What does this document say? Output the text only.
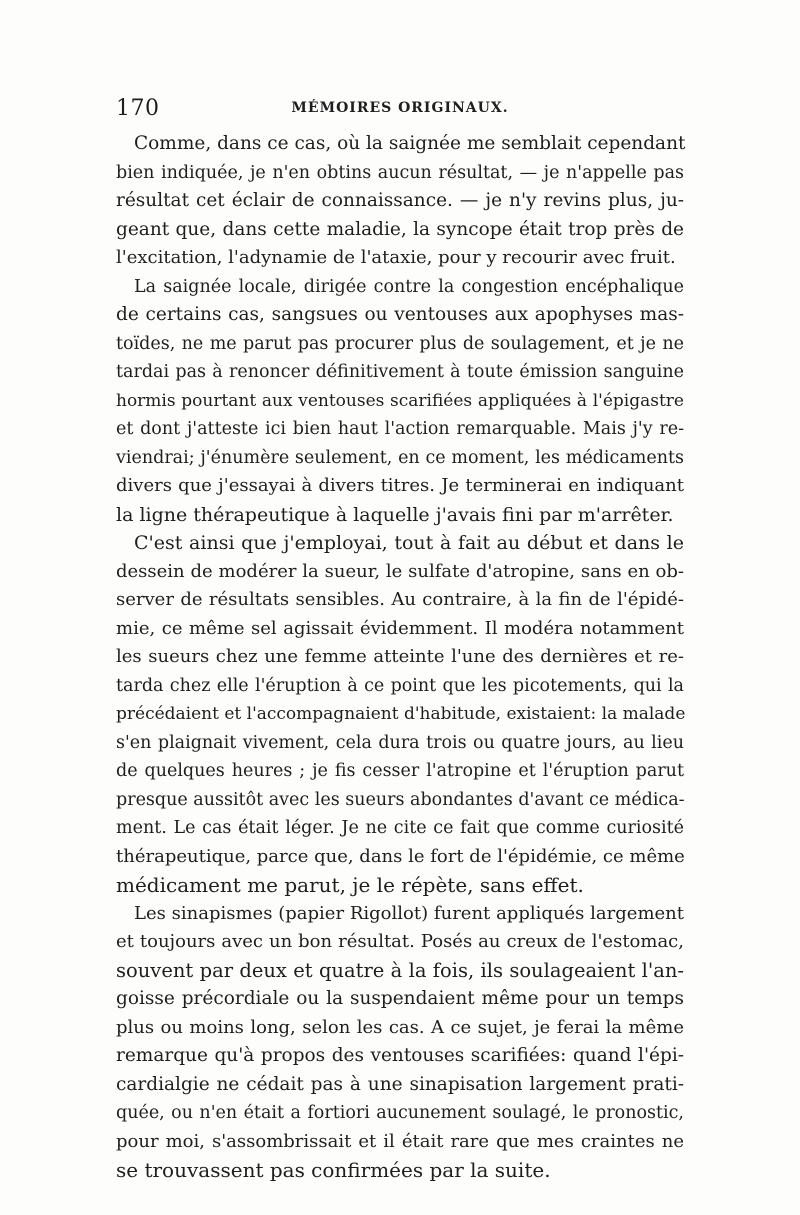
170	MÉMOIRES ORIGINAUX.
Comme, dans ce cas, où la saignée me semblait cependant
bien indiquée, je n'en obtins aucun résultat, — je n'appelle pas
résultat cet éclair de connaissance. — je n'y revins plus, ju-
geant que, dans cette maladie, la syncope était trop près de
l'excitation, l'adynamie de l'ataxie, pour y recourir avec fruit.
La saignée locale, dirigée contre la congestion encéphalique
de certains cas, sangsues ou ventouses aux apophyses mas-
toïdes, ne me parut pas procurer plus de soulagement, et je ne
tardai pas à renoncer définitivement à toute émission sanguine
hormis pourtant aux ventouses scarifiées appliquées à l'épigastre
et dont j'atteste ici bien haut l'action remarquable. Mais j'y re-
viendrai; j'énumère seulement, en ce moment, les médicaments
divers que j'essayai à divers titres. Je terminerai en indiquant
la ligne thérapeutique à laquelle j'avais fini par m'arrêter.
C'est ainsi que j'employai, tout à fait au début et dans le
dessein de modérer la sueur, le sulfate d'atropine, sans en ob-
server de résultats sensibles. Au contraire, à la fin de l'épidé-
mie, ce même sel agissait évidemment. Il modéra notamment
les sueurs chez une femme atteinte l'une des dernières et re-
tarda chez elle l'éruption à ce point que les picotements, qui la
précédaient et l'accompagnaient d'habitude, existaient: la malade
s'en plaignait vivement, cela dura trois ou quatre jours, au lieu
de quelques heures ; je fis cesser l'atropine et l'éruption parut
presque aussitôt avec les sueurs abondantes d'avant ce médica-
ment. Le cas était léger. Je ne cite ce fait que comme curiosité
thérapeutique, parce que, dans le fort de l'épidémie, ce même
médicament me parut, je le répète, sans effet.
Les sinapismes (papier Rigollot) furent appliqués largement
et toujours avec un bon résultat. Posés au creux de l'estomac,
souvent par deux et quatre à la fois, ils soulageaient l'an-
goisse précordiale ou la suspendaient même pour un temps
plus ou moins long, selon les cas. A ce sujet, je ferai la même
remarque qu'à propos des ventouses scarifiées: quand l'épi-
cardialgie ne cédait pas à une sinapisation largement prati-
quée, ou n'en était a fortiori aucunement soulagé, le pronostic,
pour moi, s'assombrissait et il était rare que mes craintes ne
se trouvassent pas confirmées par la suite.
